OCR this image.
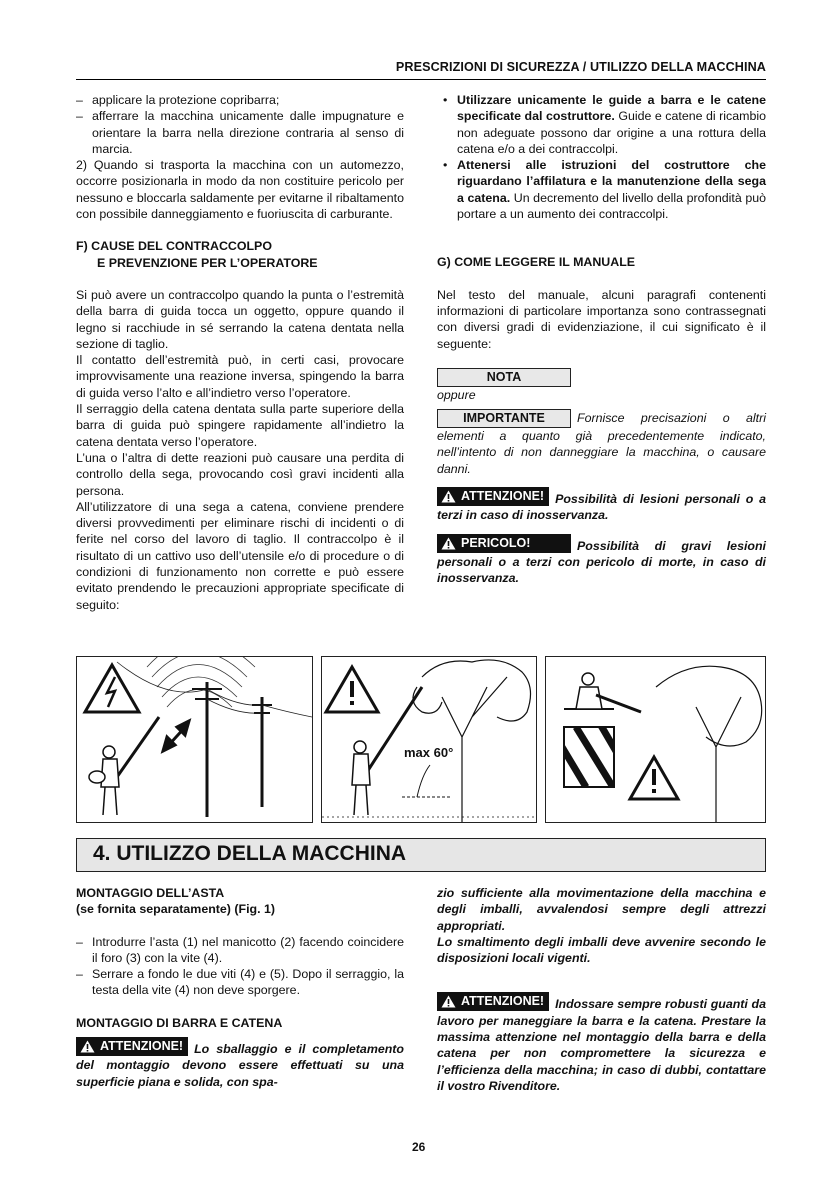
PRESCRIZIONI DI SICUREZZA / UTILIZZO DELLA MACCHINA
– applicare la protezione copribarra;
– afferrare la macchina unicamente dalle impugnature e orientare la barra nella direzione contraria al senso di marcia.

2) Quando si trasporta la macchina con un automezzo, occorre posizionarla in modo da non costituire pericolo per nessuno e bloccarla saldamente per evitarne il ribaltamento con possibile danneggiamento e fuoriuscita di carburante.

F) CAUSE DEL CONTRACCOLPO
E PREVENZIONE PER L’OPERATORE

Si può avere un contraccolpo quando la punta o l’estremità della barra di guida tocca un oggetto, oppure quando il legno si racchiude in sé serrando la catena dentata nella sezione di taglio.

Il contatto dell’estremità può, in certi casi, provocare improvvisamente una reazione inversa, spingendo la barra di guida verso l’alto e all’indietro verso l’operatore.

Il serraggio della catena dentata sulla parte superiore della barra di guida può spingere rapidamente all’indietro la catena dentata verso l’operatore.

L’una o l’altra di dette reazioni può causare una perdita di controllo della sega, provocando così gravi incidenti alla persona.

All’utilizzatore di una sega a catena, conviene prendere diversi provvedimenti per eliminare rischi di incidenti o di ferite nel corso del lavoro di taglio. Il contraccolpo è il risultato di un cattivo uso dell’utensile e/o di procedure o di condizioni di funzionamento non corrette e può essere evitato prendendo le precauzioni appropriate specificate di seguito:

• Utilizzare unicamente le guide a barra e le catene specificate dal costruttore. Guide e catene di ricambio non adeguate possono dar origine a una rottura della catena e/o a dei contraccolpi.
• Attenersi alle istruzioni del costruttore che riguardano l’affilatura e la manutenzione della sega a catena. Un decremento del livello della profondità può portare a un aumento dei contraccolpi.
G) COME LEGGERE IL MANUALE

Nel testo del manuale, alcuni paragrafi contenenti informazioni di particolare importanza sono contrassegnati con diversi gradi di evidenziazione, il cui significato è il seguente:

NOTA
oppure
IMPORTANTE	Fornisce precisazioni o altri elementi a quanto già precedentemente indicato, nell’intento di non danneggiare la macchina, o causare danni.
ATTENZIONE! Possibilità di lesioni personali o a terzi in caso di inosservanza.
PERICOLO!	Possibilità di gravi lesioni personali o a terzi con pericolo di morte, in caso di inosservanza.
max 60°
4. UTILIZZO DELLA MACCHINA
MONTAGGIO DELL’ASTA
(se fornita separatamente) (Fig. 1)
– Introdurre l’asta (1) nel manicotto (2) facendo coincidere il foro (3) con la vite (4).
– Serrare a fondo le due viti (4) e (5). Dopo il serraggio, la testa della vite (4) non deve sporgere.
MONTAGGIO DI BARRA E CATENA
ATTENZIONE! Lo sballaggio e il completamento del montaggio devono essere effettuati su una superficie piana e solida, con spa-

zio sufficiente alla movimentazione della macchina e degli imballi, avvalendosi sempre degli attrezzi appropriati.

Lo smaltimento degli imballi deve avvenire secondo le disposizioni locali vigenti.

ATTENZIONE! Indossare sempre robusti guanti da lavoro per maneggiare la barra e la catena. Prestare la massima attenzione nel montaggio della barra e della catena per non compromettere la sicurezza e l’efficienza della macchina; in caso di dubbi, contattare il vostro Rivenditore.
26
